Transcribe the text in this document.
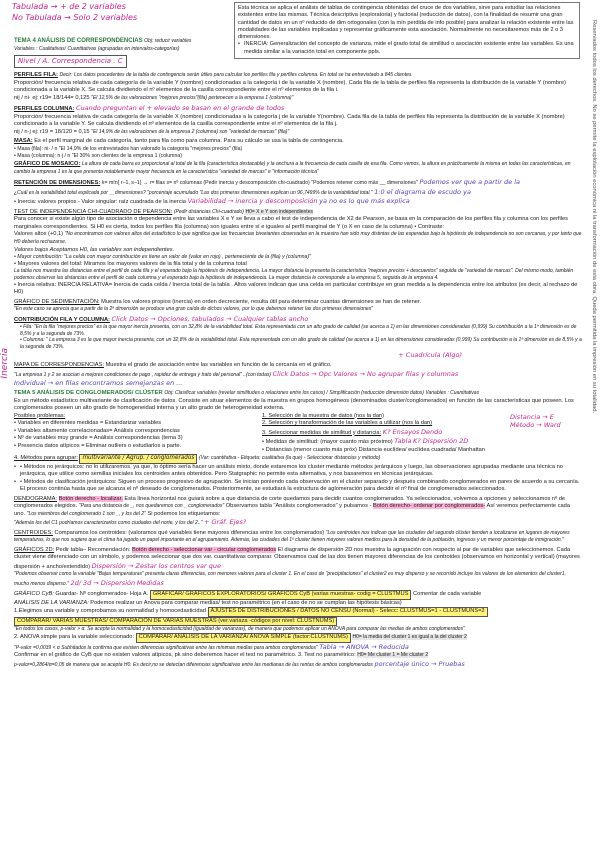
Tabulada → + de 2 variables
No Tabulada → Solo 2 variables
Esta técnica se aplica el análisis de tablas de contingencia obtenidas del cruce de dos variables, sirve para estudiar las relaciones existentes entre las mismas. Técnica descriptiva (exploratoria) y factorial (reducción de datos), con la finalidad de resumir una gran cantidad de datos en un nº reducido de dim ortogonales (con la mín perdida de info posible) para analizar la relación existente entre las modalidades de las variables implicadas y representar gráficamente esta asociación. Normalmente no necesitaremos más de 2 o 3 dimensiones.
• INERCIA: Generalización del concepto de varianza, mide el grado total de similitud o asociación existente entre las variables. Es una medida similar a la variación total en componente ppls.
TEMA 4 ANÁLISIS DE CORRESPONDENCIAS Obj: reducir variables
Variables : Cualitativas/ Cuantitativas (agrupadas en intervalos-categorías)
Nivel / A. Correspondencia . C
PERFILES FILA: Decir: Los datos procedentes de la tabla de contingencia serán útiles para calcular los perfiles fila y perfiles columna. En total se ha entrevistado a 845 clientes.
Proporción/ frecuencia relativa de cada categoría de la variable Y (nombre) condicionadas a la categoría i de la variable X (nombre). Cada fila de la tabla de perfiles fila representa la distribución de la variable Y (nombre) condicionada a la variable X. Se calcula dividiendo el nº elementos de la casilla correspondiente entre el nº elementos de la fila i.
nij / ni· ej: r19= 18/144= 0,125 "El 12,5% de las valoraciones "mejores precios"(fila) pertenecen a la empresa 1 (columna)"
PERFILES COLUMNA: Cuando preguntan el + elevado se basan en el grande de todos
Proporción/ frecuencia relativa de cada categoría de la variable X (nombre) condicionadas a la categoría j de la variable Y(nombre). Cada fila de la tabla de perfiles fila representa la distribución de la variable X (nombre) condicionado a la variable Y. Se calcula dividiendo el nº elementos de la casilla correspondiente entre el nº elementos de la fila j.
nij / n·j ej: r19 = 18/120 = 0,15 "El 14,9% de las valoraciones de la empresa 2 (columna) son "variedad de marcas" (fila)"
MASA: Es el perfil marginal de cada categoría, tanto para fila como para columna. Para su cálculo se usa la tabla de contingencia.
• Masa (fila): ni· / n "El 14,9% de los entrevistados han valorado la categoría "mejores precios" (fila)
• Masa (columna): n·j / n "El 30% son clientes de la empresa 1 (columna)
GRÁFICO DE MOSAICO: La altura de cada barra es proporcional al total de la fila (característica destacable) y la anchura a la frecuencia de cada casilla de esa fila. Como vemos, la altura es prácticamente la misma en todas las características, en cambio la empresa 1 es la que presenta notablemente mayor frecuencia en la característica "variedad de marcas" e "información técnica"
RETENCIÓN DE DIMENSIONES: k= mín{ r−1, s−1} → r= filas s= nº columnas (Pedir inercia y descomposición chi-cuadrado) "Podemos retener como máx __ dimensiones" Podemos ver que a partir de la
¿Cuál es la variabilidad total explicada por __dimensiones? "porcentaje acumulado "Las dos primeras dimensiones explican un 96,7499% de la variabilidad total." 1:0 el diagrama de escudo ya
• Inercia: valores propios - Valor singular: raíz cuadrada de la inercia Variabilidad → inercia y descomposición ya no es lo que más explica
TEST DE INDEPENDENCIA CHI-CUADRADO DE PEARSON: (Pedir distancias Chi-cuadrado) H0= X e Y son independientes
Para conocer si existe algún tipo de asociación o dependencia entre las variables X e Y se lleva a cabo el test de independencia de X2 de Pearson, se basa en la comparación de los perfiles fila y columna con los perfiles marginales correspondientes. Si H0 es cierta, todos los perfiles fila (columna) son iguales entre sí e iguales al perfil marginal de Y (o X en caso de la columna) • Contraste:
Valores altos (+0,1) "No encontramos con valores altos del estadístico lo que significa que las frecuencias bivariantes observadas en la muestra han sido muy distintas de las esperadas bajo la hipótesis de independencia no son cercanas, y por tanto que H0 debería rechazarse.
Valores bajos Aceptamos H0, las variables son independientes.
• Mayor contribución: "La celda con mayor contribución es tiene un valor de (valor en rojo) , perteneciente de la (fila) y (columna)"
• Mayores valores del total: Miramos los mayores valores de la fila total y de la columna total
La tabla nos muestra las distancias entre el perfil de cada fila y el esperado bajo la hipótesis de independencia. La mayor distancia la presenta la característica "mejores precios + descuentos" seguida de "variedad de marcas". Del mismo modo, también podemos observar las distancias entre el perfil de cada columna y el esperado bajo la hipótesis de independencia. La mayor distancia le corresponde a la empresa 5, seguida de la empresa 4.
• Inercia relativa: INERCIA RELATIVA= Inercia de cada celda / Inercia total de la tabla . Altos valores indican que una celda en particular contribuye en gran medida a la dependencia entre los atributos (es decir, al rechazo de H0)
GRÁFICO DE SEDIMENTACIÓN: Muestra los valores propios (inercia) en orden decreciente, resulta útil para determinar cuantas dimensiones se han de retener.
"En este caso se aprecia que a partir de la 2ª dimensión se produce una gran caída de dichos valores, por lo que debemos retener las dos primeras dimensiones"
CONTRIBUCIÓN FILA Y COLUMNA: Click Datos → Opciones, tabulados → Cualquier tablas ancho
• Fila: "En la fila "mejores precios" es la que mayor inercia presenta, con un 32,8% de la variabilidad total. Esta representada con un alto grado de calidad (se acerca a 1) en las dimensiones consideradas (0,999) Su contribución a la 1ª dimensión es de 8,5% y a la segunda de 73%.
• Columna: " La empresa 3 es la que mayor inercia presenta, con un 32,8% de la variabilidad total. Esta representada con un alto grado de calidad (se acerca a 1) en las dimensiones consideradas (0,999) Su contribución a la 1ª dimensión es de 8,5% y a la segunda de 73%.
+ Cuadrícula (Algo)
MAPA DE CORRESPONDENCIAS: Muestra el grado de asociación entre las variables en función de la cercanía en el gráfico.
"La empresa 1 y 2 se asocian a mejores condiciones de pago , rapidez de entrega y trato del personal" ..(con todas) Click Datos → Opc Valores → No agrupar filas y columnas
Individual → en filas encontramos semejanzas en ...
TEMA 5 ANÁLISIS DE CONGLOMERADOS/ CLÚSTER Obj: Clasificar variables (revelar similitudes o relaciones entre los casos) / Simplificación (reducción dimensión datos) Variables : Cuantitativas
Es un método estadístico multivariante de clasificación de datos. Consiste en situar elementos de la muestra en grupos homogéneos (denominados cluster/conglomerados) en función de las características que poseen. Los conglomerados poseen un alto grado de homogeneidad interna y un alto grado de heterogeneidad externa.
Posibles problemas:
• Variables en diferentes medidas = Estandarizar variables
• Variables altamente correlacionadas= Análisis correspondencias
• Nº de variables muy grande = Análisis correspondencias (tema 3)
• Presencia datos atípicos = Eliminar outliers o estudiarlos a parte.
1. Selección de la muestra de datos (nos la dan)
2. Selección y transformación de las variables a utilizar (nos la dan)
3. Seleccionar medidas de similitud y distancia: K? Ensayos Dendo
• Medidas de similitud: (mayor cuanto más próximo) Tabla K? Dispersión 2D
• Distancias (menor cuanto más próx) Distancia euclídea/ euclídea cuadrada/ Manhattan
Distancia → E
Método → Ward
4. Métodos para agrupar: multivariante / Agrup. / conglomerados (Var: cuantitativa - Etiqueta: cualitativa (la que) - Seleccionar distancias y método)
• • Métodos no jerárquicos: no lo utilizaremos, ya que, lo óptimo sería hacer un análisis mixto, donde estaremos los cluster mediante métodos jerárquicos y luego, las observaciones agrupadas mediante una técnica no jerárquica, que utilice como semillas iniciales los centroides antes obtenidos. Pero Statgraphic no permite esta alternativa, y nos basaremos en técnicas jerárquicas.
• • Métodos de clasificación jerárquicos: Siguen un proceso progresivo de agrupación. Se inician poniendo cada observación en el cluster separado y después combinando conglomerados en pares de acuerdo a su cercanía. El proceso continúa hasta que se alcanza el nº deseado de conglomerados. Posteriormente, se estudiará la estructura de aglomeración para decidir el nº final de conglomerados seleccionados.
DENDOGRAMA: Botón derecho - localizar. Esta línea horizontal nos guiará sobre a que distancia de corte quedamos para decidir cuantos conglomerados. Ya seleccionados, volvemos a opciones y seleccionamos nº de conglomerados elegidos. "Para una distancia de _, nos quedaremos con _ conglomerados" Observamos tabla "Análisis conglomerados" y pulsamos - Botón derecho- ordenar por conglomerados- Así veremos perfectamente cada uno. "Los miembros del conglomerado 1 son _, y los del 2" Si podemos los etiquetamos:
"Además los del C1 podríamos caracterizarlos como ciudades del norte, y los del 2.." + Gráf. Ejes?
CENTROIDES: Comparamos los centroides: (valoramos qué variables tiene mayores diferencias entre los conglomerados) "Los centroides nos indican que las ciudades del segundo clúster tienden a localizarse en lugares de mayores temperaturas, lo que nos sugiere que el clima ha jugado un papel importante en el agrupamiento. Además, las ciudades del 1º cluster tienen mayores valores medios para la densidad de la población, ingresos y un menor porcentaje de inmigración."
GRÁFICOS 2D: Pedir tabla– Recomendación: Botón derecho - seleccionar var - circular conglomerados El diagrama de dispersión 2D nos muestra la agrupación con respecto al par de variables que seleccionemos. Cada cluster viene diferenciado con un símbolo, y podemos seleccionar que dos var. cuantitativas comparar. Observamos cual de las dos tienen mayores diferencias de los centroides (observamos en horizontal y vertical) (mayores dispersión + ancho/extendido) Dispersión → Zestar los centros var que
"Podemos observar como la variable "Bajas temperaturas" presenta claras diferencias, con menores valores para el cluster 1. En el caso de "precipitaciones" el cluster2 es muy disperso y se recorrido incluye los valores de los elementos del cluster1, mucho menos disperso." 2d/ 3d → Dispersión Medidas
GRÁFICO CyB: Guardar- Nº conglomerados- Hoja A. GRAFICAR/ GRÁFICOS EXPLORATORIOS/ GRÁFICOS CyB (varias muestras- codig = CLUSTMUS Comentar de cada variable
ANÁLISIS DE LA VARIANZA: Podemos realizar un Anova para comparar medias/ test no paramétrico (en el caso de no se cumplan las hipótesis básicas)
1.Elegimos una variable y comprobamos su normalidad y homocedasticidad AJUSTES DE DISTRIBUCIONES / DATOS NO CENSU (Normal) - Selecc: CLUSTMUS=1 - CLUSTMUNS=2
COMPARAR/ VARIAS MUESTRAS/ COMPARACIÓN DE VARIAS MUESTRAS (ver.variaza -códigos por nivel: CLUSTNUMS)
"En todos los casos, p-valor > α. Se acepta la normalidad y la homocedasticidad (igualdad de varianzas), de manera que podemos aplicar un ANOVA para comparar las medias de ambos conglomerados"
2. ANOVA simple para la variable seleccionado: COMPARAR/ ANÁLISIS DE LA VARIANZA/ ANOVA SIMPLE (factor:CLUSTNUMS) H0= la media del cluster 1 es igual a la del cluster 2
"P-valor =0,0039 < α Subhitados la confirma que existen diferencias significativas entre las mínimas medias para ambos conglomerados" Tabla → ANOVA → Reducida
Confirmar en el gráfico de CyB que no existen valores atípicos, pk sino deberemos hacer el test no paramétrico. 3. Test no paramétrico: H0= Me cluster 1 = Me cluster 2
p-valor=0,2864/α=0,05 de manera que se acepta H0. Es decir,no se detectan diferencias significativas entre las medianas de las rentas de ambos conglomerados porcentaje único → Pruebas
Inercia	Reservados todos los derechos. No se permite la explotación económica ni la transformación de esta obra. Queda permitida la impresión en su totalidad.
